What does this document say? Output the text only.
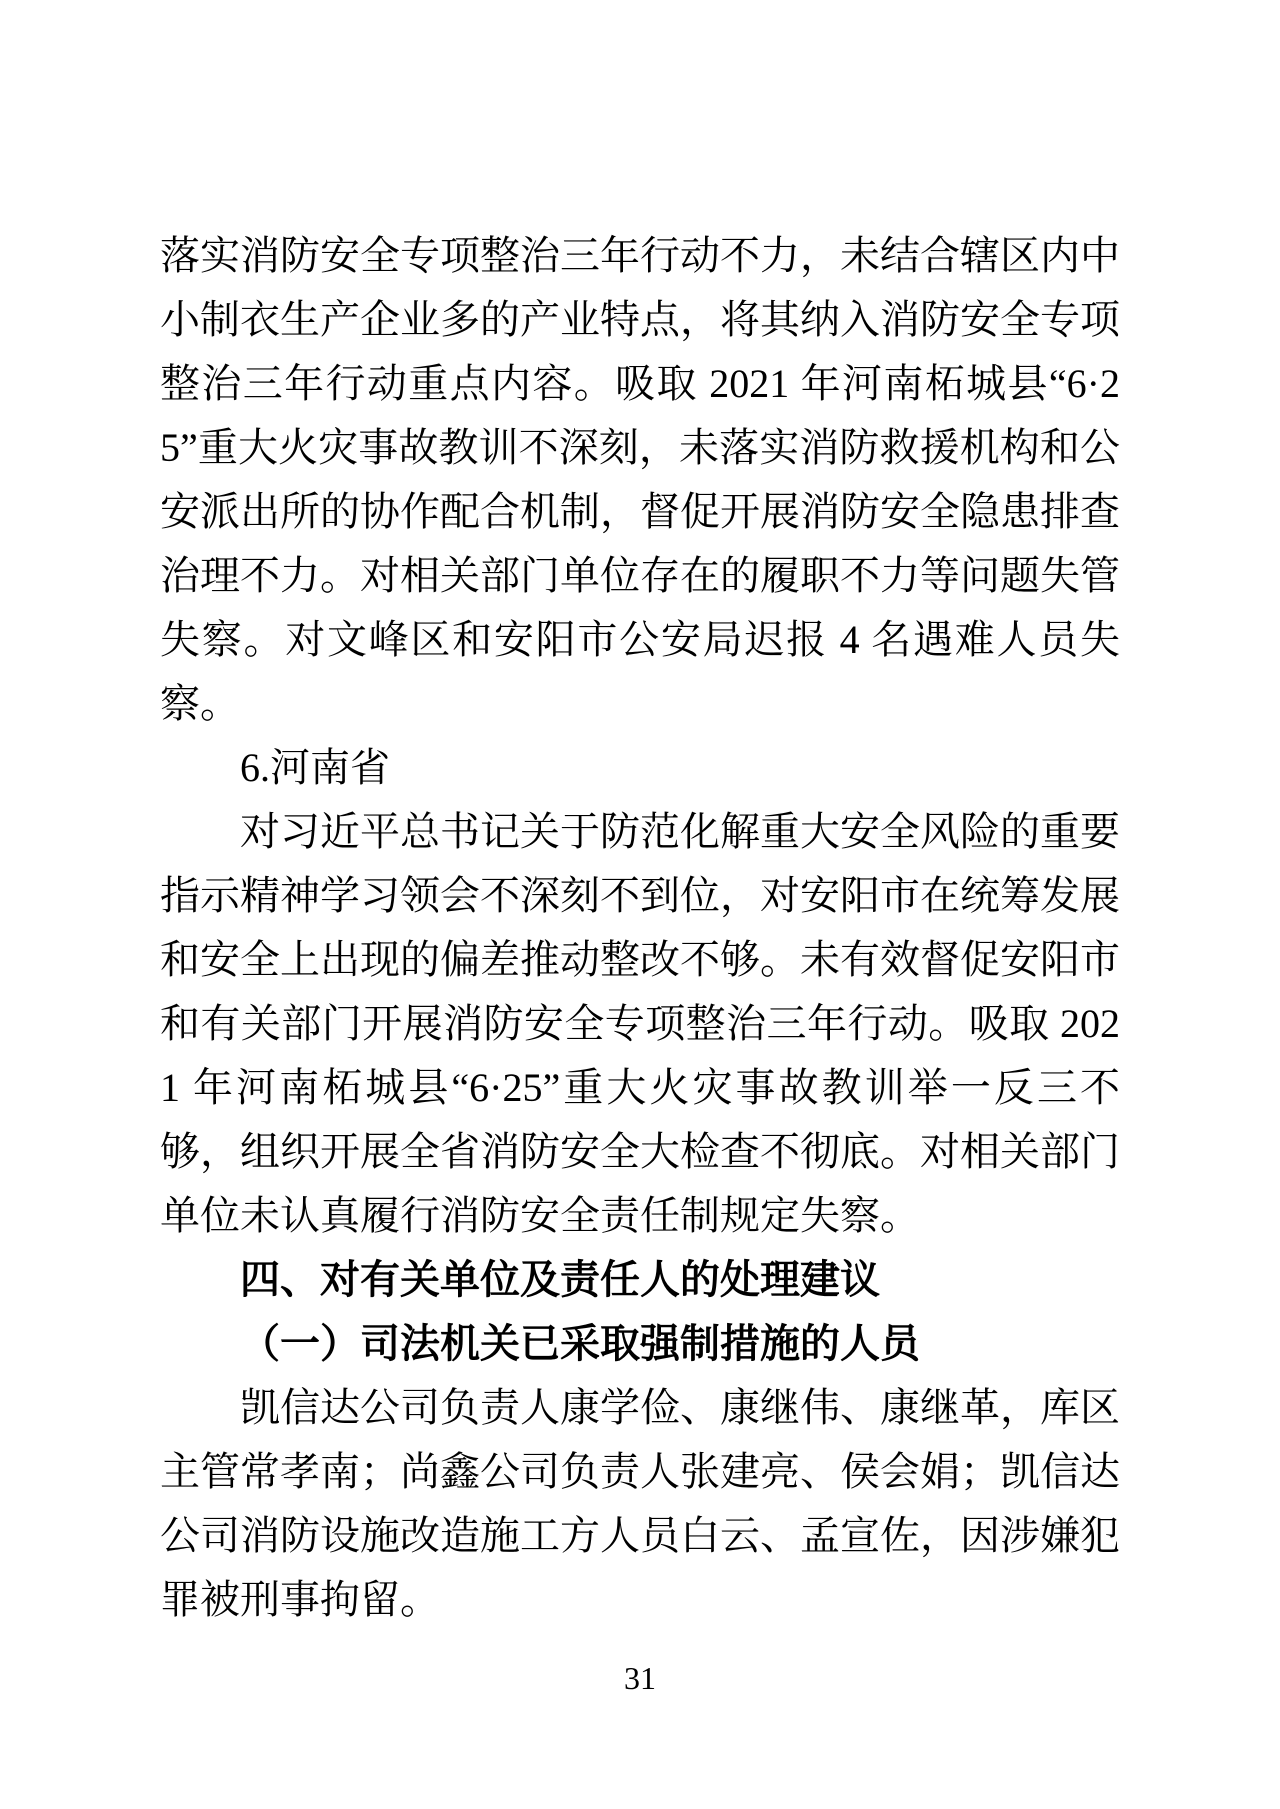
落实消防安全专项整治三年行动不力，未结合辖区内中小制衣生产企业多的产业特点，将其纳入消防安全专项整治三年行动重点内容。吸取 2021 年河南柘城县“6·25”重大火灾事故教训不深刻，未落实消防救援机构和公安派出所的协作配合机制，督促开展消防安全隐患排查治理不力。对相关部门单位存在的履职不力等问题失管失察。对文峰区和安阳市公安局迟报 4 名遇难人员失察。

6.河南省

对习近平总书记关于防范化解重大安全风险的重要指示精神学习领会不深刻不到位，对安阳市在统筹发展和安全上出现的偏差推动整改不够。未有效督促安阳市和有关部门开展消防安全专项整治三年行动。吸取 2021 年河南柘城县“6·25”重大火灾事故教训举一反三不够，组织开展全省消防安全大检查不彻底。对相关部门单位未认真履行消防安全责任制规定失察。

四、对有关单位及责任人的处理建议

（一）司法机关已采取强制措施的人员

凯信达公司负责人康学俭、康继伟、康继革，库区主管常孝南；尚鑫公司负责人张建亮、侯会娟；凯信达公司消防设施改造施工方人员白云、孟宣佐，因涉嫌犯罪被刑事拘留。

31
